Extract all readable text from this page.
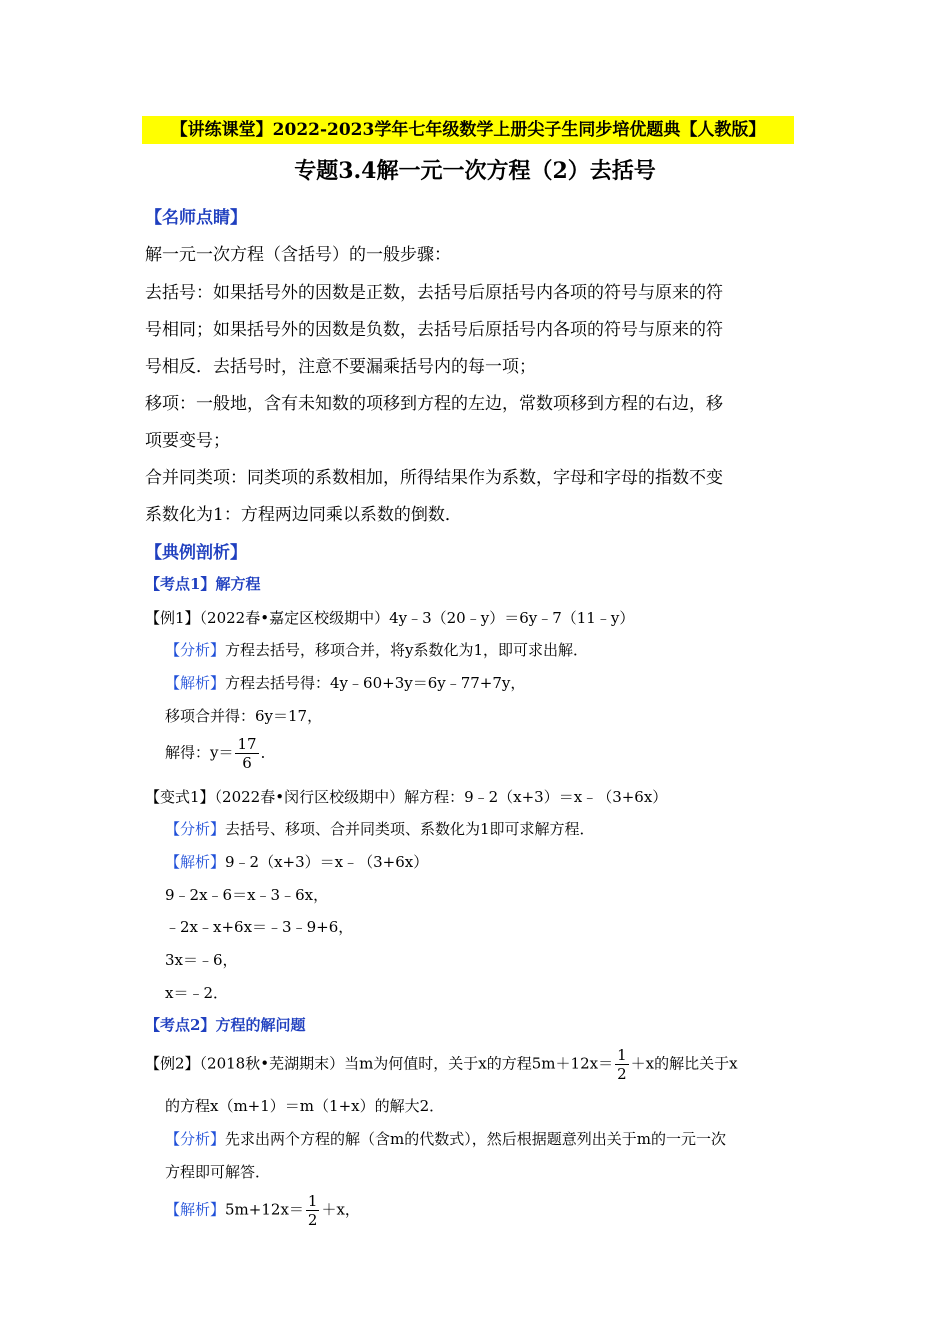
【讲练课堂】2022-2023学年七年级数学上册尖子生同步培优题典【人教版】
专题3.4解一元一次方程（2）去括号
【名师点睛】
解一元一次方程（含括号）的一般步骤：
去括号：如果括号外的因数是正数，去括号后原括号内各项的符号与原来的符
号相同；如果括号外的因数是负数，去括号后原括号内各项的符号与原来的符
号相反．去括号时，注意不要漏乘括号内的每一项；
移项：一般地，含有未知数的项移到方程的左边，常数项移到方程的右边，移
项要变号；
合并同类项：同类项的系数相加，所得结果作为系数，字母和字母的指数不变
系数化为1：方程两边同乘以系数的倒数．
【典例剖析】
【考点1】解方程
【例1】（2022春•嘉定区校级期中）4y﹣3（20﹣y）＝6y﹣7（11﹣y）
【分析】方程去括号，移项合并，将y系数化为1，即可求出解．
【解析】方程去括号得：4y﹣60+3y＝6y﹣77+7y，
移项合并得：6y＝17，
解得：$y= \frac{17}{6}$ ．
【变式1】（2022春•闵行区校级期中）解方程：9﹣2（x+3）＝x﹣（3+6x）
【分析】去括号、移项、合并同类项、系数化为1即可求解方程．
【解析】9﹣2（x+3）＝x﹣（3+6x）
9﹣2x﹣6＝x﹣3﹣6x，
﹣2x﹣x+6x＝﹣3﹣9+6，
3x＝﹣6，
x＝﹣2．
【考点2】方程的解问题
【例2】（2018秋•芜湖期末）当m为何值时，关于x的方程$5m+12x= \frac{1}{2} +x$的解比关于x
的方程x（m+1）＝m（1+x）的解大2．
【分析】先求出两个方程的解（含m的代数式），然后根据题意列出关于m的一元一次
方程即可解答．
【解析】$5m+12x= \frac{1}{2} +x$，
